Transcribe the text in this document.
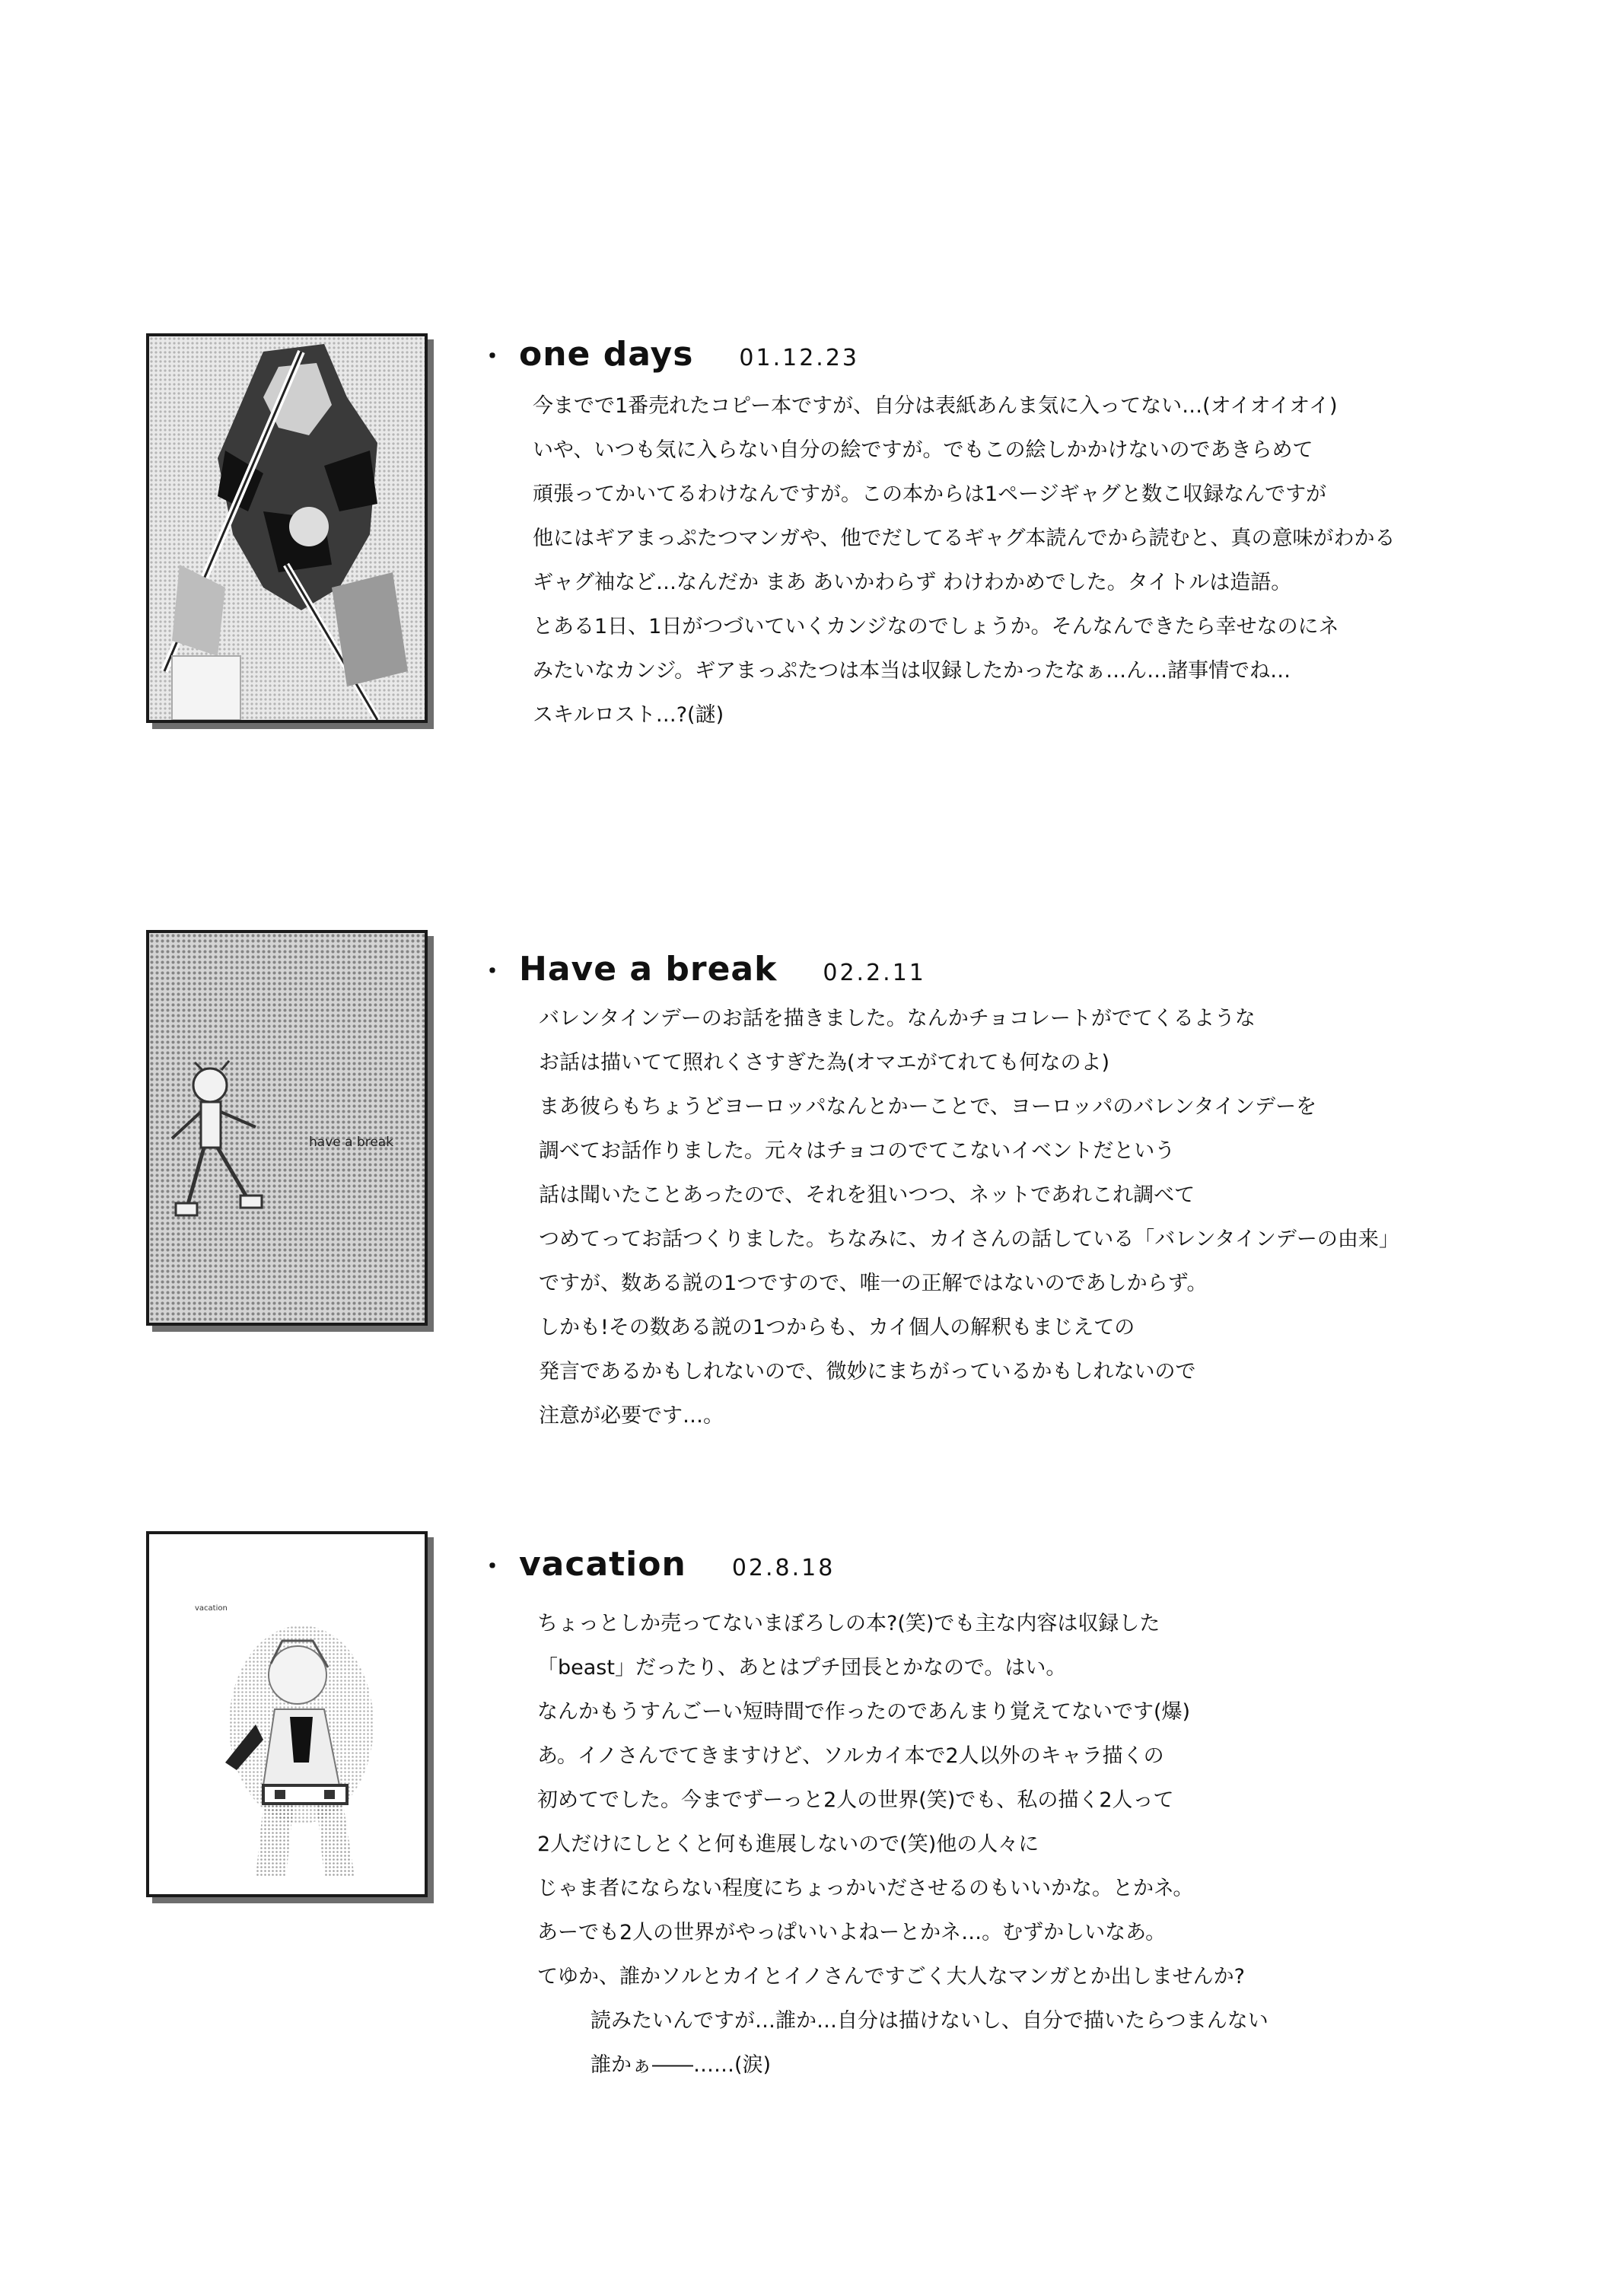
・ one days 01.12.23

今までで1番売れたコピー本ですが、自分は表紙あんま気に入ってない…(オイオイオイ)

いや、いつも気に入らない自分の絵ですが。でもこの絵しかかけないのであきらめて

頑張ってかいてるわけなんですが。この本からは1ページギャグと数こ収録なんですが

他にはギアまっぷたつマンガや、他でだしてるギャグ本読んでから読むと、真の意味がわかる

ギャグ袖など…なんだか まあ あいかわらず わけわかめでした。タイトルは造語。

とある1日、1日がつづいていくカンジなのでしょうか。そんなんできたら幸せなのにネ

みたいなカンジ。ギアまっぷたつは本当は収録したかったなぁ…ん…諸事情でね…

スキルロスト…?(謎)

have a break
・ Have a break 02.2.11

バレンタインデーのお話を描きました。なんかチョコレートがでてくるような

お話は描いてて照れくさすぎた為(オマエがてれても何なのよ)

まあ彼らもちょうどヨーロッパなんとかーことで、ヨーロッパのバレンタインデーを

調べてお話作りました。元々はチョコのでてこないイベントだという

話は聞いたことあったので、それを狙いつつ、ネットであれこれ調べて

つめてってお話つくりました。ちなみに、カイさんの話している「バレンタインデーの由来」

ですが、数ある説の1つですので、唯一の正解ではないのであしからず。

しかも!その数ある説の1つからも、カイ個人の解釈もまじえての

発言であるかもしれないので、微妙にまちがっているかもしれないので

注意が必要です…。

vacation
・ vacation 02.8.18

ちょっとしか売ってないまぼろしの本?(笑)でも主な内容は収録した

「beast」だったり、あとはプチ団長とかなので。はい。

なんかもうすんごーい短時間で作ったのであんまり覚えてないです(爆)

あ。イノさんでてきますけど、ソルカイ本で2人以外のキャラ描くの

初めてでした。今までずーっと2人の世界(笑)でも、私の描く2人って

2人だけにしとくと何も進展しないので(笑)他の人々に

じゃま者にならない程度にちょっかいださせるのもいいかな。とかネ。

あーでも2人の世界がやっぱいいよねーとかネ…。むずかしいなあ。

てゆか、誰かソルとカイとイノさんですごく大人なマンガとか出しませんか?

読みたいんですが…誰か…自分は描けないし、自分で描いたらつまんない

誰かぁ――……(涙)
